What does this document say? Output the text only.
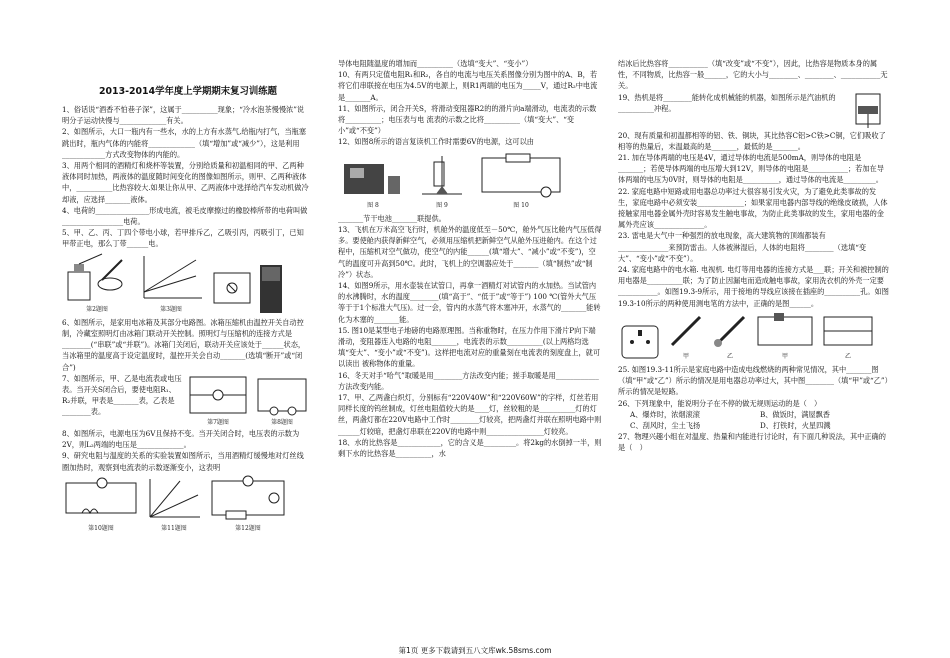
2013-2014学年度上学期期末复习训练题

1、俗话说“酒香不怕巷子深”，这属于__________现象；“冷水泡茶慢慢浓”说明分子运动快慢与_____________有关。

2、如图所示，大口一瓶内有一些水，水的上方有水蒸气,给瓶内打气，当瓶塞跳出时，瓶内气体的内能将_____________（填“增加”或“减少”），这是利用____________方式改变物体的内能的。

3、用两个相同的酒精灯和烧杯等装置，分别给质量和初温相同的甲、乙两种液体同时加热，两液体的温度随时间变化的图像如图所示，则甲、乙两种液体中，__________比热容较大.如果让你从甲、乙两液体中选择给汽车发动机做冷却液，应选择_______液体。

4、电荷的_______________形成电流，被毛皮摩擦过的橡胶棒所带的电荷叫做_________________电荷。

5、甲、乙、丙、丁四个带电小球，若甲排斥乙，乙吸引丙，丙吸引丁，已知甲带正电，那么丁带______电。

第2题图	第3题图

6、如图所示，是家用电冰箱及其部分电路图。冰箱压缩机由温控开关自动控制，冷藏室照明灯由冰箱门联动开关控制。照明灯与压缩机的连接方式是________(“串联”或“并联”)。冰箱门关闭后，联动开关应该处于______状态，当冰箱里的温度高于设定温度时，温控开关会自动_______(选填“断开”或“闭合”)

7、如图所示，甲、乙是电流表或电压表。当开关S闭合后，要使电阻R₁、R₂并联，甲表是_______表，乙表是________表。

第7题图	第8题图

8、如图所示，电源电压为6V且保持不变。当开关闭合时，电压表的示数为2V，则L₂两端的电压是_____________。

9、研究电阻与温度的关系的实验装置如图所示，当用酒精灯缓慢地对灯丝线圈加热时，观察到电流表的示数逐渐变小，这表明

第10题图	第11题图	第12题图

导体电阻随温度的增加而__________（选填“变大”、“变小”）

10、有两只定值电阻R₁和R₂，各自的电流与电压关系图像分别为图中的A、B，若将它们串联接在电压为4.5V的电源上，则R1两端的电压为_____V，通过R₂中电流是_______A。

11、如图所示，闭合开关S，将滑动变阻器R2的的滑片向a端滑动，电流表的示数将__________；电压表与电 流表的示数之比将__________（填“变大”、“变小”或“不变”）

12、如图8所示的语言复读机工作时需要6V的电源，这可以由

图 8	图 9	图 10

_______节干电池_______联提供。

13、飞机在万米高空飞行时，机舱外的温度低至－50℃，舱外气压比舱内气压低得多。要使舱内获得新鲜空气，必须用压缩机把新鲜空气从舱外压进舱内。在这个过程中，压缩机对空气做功，使空气的内能______(填“增大”、“减小”或“不变”)，空气的温度可升高到50℃。此时，飞机上的空调器应处于_______（填“制热”或“制冷”）状态。

14、如图9所示，用水壶装在试管口，再拿一酒精灯对试管内的水加热。当试管内的水沸腾时，水的温度________(填“高于”、“低于”或“等于”) 100 ℃(管外大气压等于于1个标准大气压)。过一会，管内的水蒸气将木塞冲开，水蒸气的_______能转化为木塞的_______能。

15. 图10是某型电子地磅的电路原理图。当称重物时，在压力作用下滑片P向下端滑动，变阻器连入电路的电阻_______，电流表的示数__________(以上两格均选填“变大”、“变小”或“不变”)。这样把电流对应的重量刻在电流表的刻度盘上，就可以读出 被称物体的重量。

16、冬天对手“哈气”取暖是用________方法改变内能；搓手取暖是用____________方法改变内能。

17、甲、乙两盏白炽灯，分别标有“220V40W”和“220V60W”的字样，灯丝若用同样长度的钨丝制成，灯丝电阻值较大的是____灯，丝较粗的是__________灯的灯丝，两盏灯都在220V电路中工作时________灯较亮，把两盏灯并联在照明电路中则______灯较暗，把盏灯串联在220V的电路中则________________灯较亮。

18、水的比热容是____________，它的含义是_________。将2kg的水倒掉一半，则剩下水的比热容是__________，水

结冰后比热容将___________（填“改变”或“不变”），因此，比热容是物质本身的属性，不同物质，比热容一般______，它的大小与________、________、___________无关。

19、热机是将________能转化成机械能的机器，如图所示是汽油机的__________冲程。

20、现有质量和初温都相等的铝、铁、铜块，其比热容C铝>C铁>C铜，它们吸收了相等的热量后，末温最高的是_______，最低的是_______。

21. 加在导体两端的电压是4V，通过导体的电流是500mA，则导体的电阻是_______；若使导体两端的电压增大到12V，则导体的电阻是___________；若加在导体两端的电压为0V时，则导体的电阻是__________，通过导体的电流是_________。

22. 家庭电路中短路或用电器总功率过大很容易引发火灾，为了避免此类事故的发生，家庭电路中必须安装_____________；如果家用电器内部导线的绝缘皮破损，人体接触家用电器金属外壳时容易发生触电事故，为防止此类事故的发生，家用电器的金属外壳应该______________。

23. 雷电是大气中一种强烈的放电现象，高大建筑物的顶端都装有

______________来预防雷击。人体被淋湿后，人体的电阻将________（选填“变大”、“变小”或“不变”）。

24. 家庭电路中的电水箱. 电视机. 电灯等用电器的连接方式是___联；开关和被控制的用电器是__________联；为了防止因漏电而造成触电事故，家用洗衣机的外壳一定要___________。如图19.3-9所示，用于接地的导线应该接在插座的__________孔。如图19.3-10所示的两种使用测电笔的方法中，正确的是图______。

甲	乙	甲	乙

25. 如图19.3-11所示是家庭电路中造成电线燃烧的两种常见情况，其中_______图（填“甲”或“乙”）所示的情况是用电器总功率过大，其中图________（填“甲”或“乙”）所示的情况是短路。

26、下列现象中，能说明分子在不停的做无规则运动的是（　）

A、爆炸时，浓烟滚滚	B、做饭时，满屋飘香
C、刮风时，尘土飞扬	D、打铁时，火星四溅

27、物理兴趣小组在对温度、热量和内能进行讨论时，有下面几种说法，其中正确的是（　）

第1页 更多下载请到五八文库wk.58sms.com
